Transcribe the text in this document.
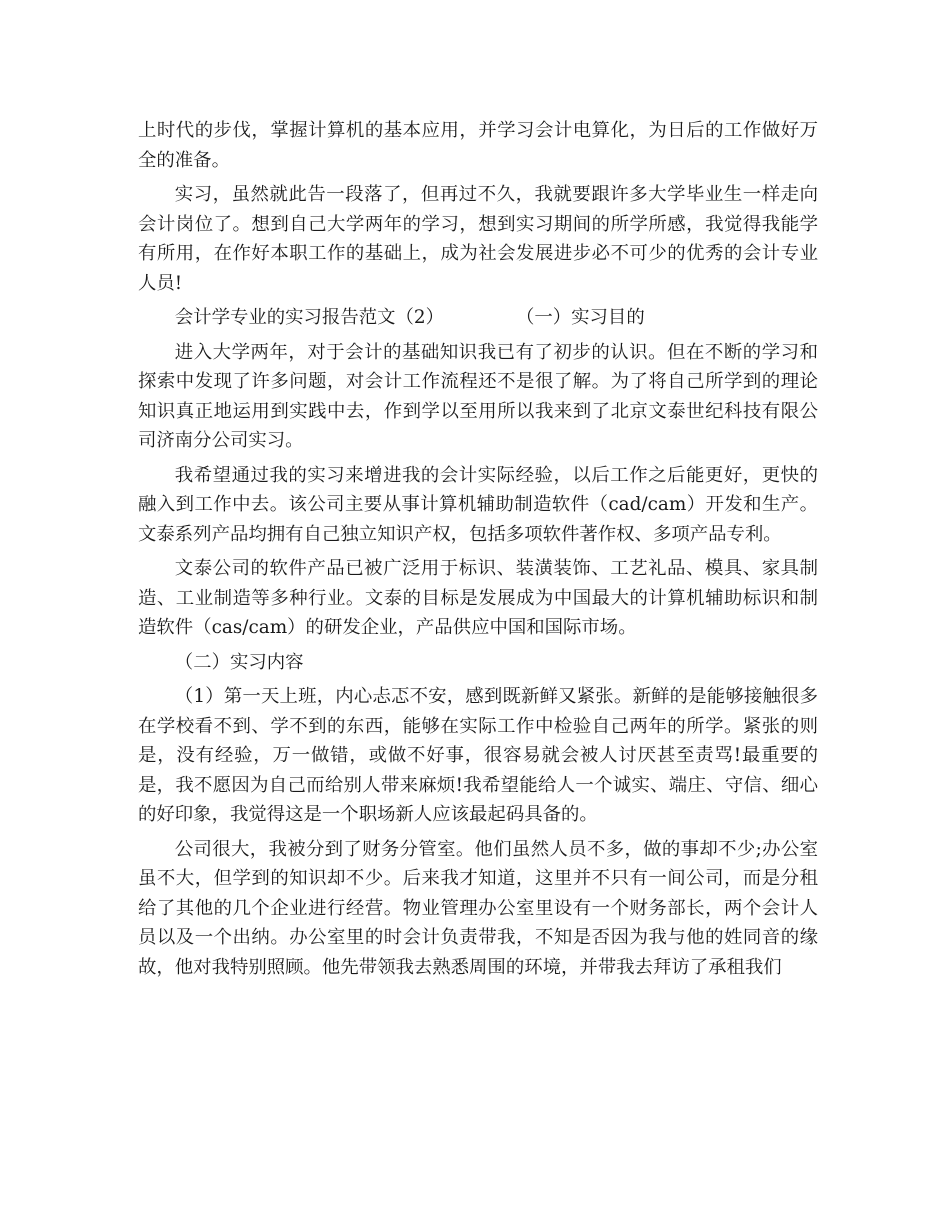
上时代的步伐，掌握计算机的基本应用，并学习会计电算化，为日后的工作做好万全的准备。

实习，虽然就此告一段落了，但再过不久，我就要跟许多大学毕业生一样走向会计岗位了。想到自己大学两年的学习，想到实习期间的所学所感，我觉得我能学有所用，在作好本职工作的基础上，成为社会发展进步必不可少的优秀的会计专业人员!

会计学专业的实习报告范文（2）	（一）实习目的

进入大学两年，对于会计的基础知识我已有了初步的认识。但在不断的学习和探索中发现了许多问题，对会计工作流程还不是很了解。为了将自己所学到的理论知识真正地运用到实践中去，作到学以至用所以我来到了北京文泰世纪科技有限公司济南分公司实习。

我希望通过我的实习来增进我的会计实际经验，以后工作之后能更好，更快的融入到工作中去。该公司主要从事计算机辅助制造软件（cad/cam）开发和生产。文泰系列产品均拥有自己独立知识产权，包括多项软件著作权、多项产品专利。

文泰公司的软件产品已被广泛用于标识、装潢装饰、工艺礼品、模具、家具制造、工业制造等多种行业。文泰的目标是发展成为中国最大的计算机辅助标识和制造软件（cas/cam）的研发企业，产品供应中国和国际市场。

（二）实习内容

（1）第一天上班，内心忐忑不安，感到既新鲜又紧张。新鲜的是能够接触很多在学校看不到、学不到的东西，能够在实际工作中检验自己两年的所学。紧张的则是，没有经验，万一做错，或做不好事，很容易就会被人讨厌甚至责骂!最重要的是，我不愿因为自己而给别人带来麻烦!我希望能给人一个诚实、端庄、守信、细心的好印象，我觉得这是一个职场新人应该最起码具备的。

公司很大，我被分到了财务分管室。他们虽然人员不多，做的事却不少;办公室虽不大，但学到的知识却不少。后来我才知道，这里并不只有一间公司，而是分租给了其他的几个企业进行经营。物业管理办公室里设有一个财务部长，两个会计人员以及一个出纳。办公室里的时会计负责带我，不知是否因为我与他的姓同音的缘故，他对我特别照顾。他先带领我去熟悉周围的环境，并带我去拜访了承租我们
